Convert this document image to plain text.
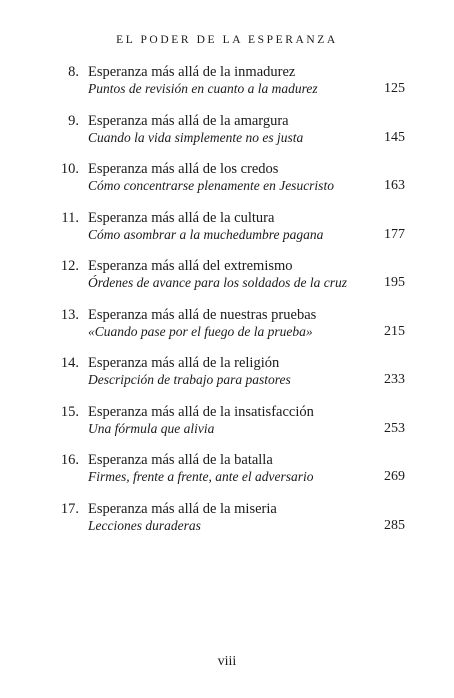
EL PODER DE LA ESPERANZA
8. Esperanza más allá de la inmadurez
Puntos de revisión en cuanto a la madurez	125
9. Esperanza más allá de la amargura
Cuando la vida simplemente no es justa	145
10. Esperanza más allá de los credos
Cómo concentrarse plenamente en Jesucristo	163
11. Esperanza más allá de la cultura
Cómo asombrar a la muchedumbre pagana	177
12. Esperanza más allá del extremismo
Órdenes de avance para los soldados de la cruz	195
13. Esperanza más allá de nuestras pruebas
«Cuando pase por el fuego de la prueba»	215
14. Esperanza más allá de la religión
Descripción de trabajo para pastores	233
15. Esperanza más allá de la insatisfacción
Una fórmula que alivia	253
16. Esperanza más allá de la batalla
Firmes, frente a frente, ante el adversario	269
17. Esperanza más allá de la miseria
Lecciones duraderas	285
viii
